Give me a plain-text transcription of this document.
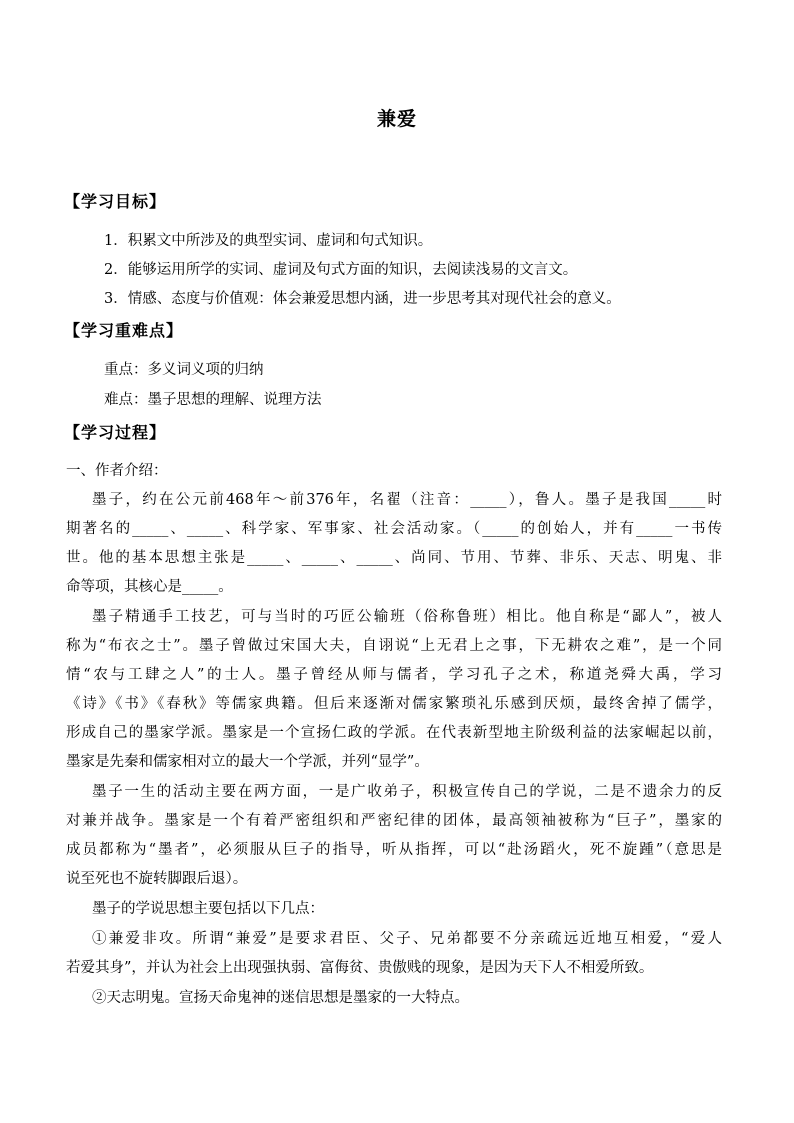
兼爱
【学习目标】
1．积累文中所涉及的典型实词、虚词和句式知识。
2．能够运用所学的实词、虚词及句式方面的知识，去阅读浅易的文言文。
3．情感、态度与价值观：体会兼爱思想内涵，进一步思考其对现代社会的意义。
【学习重难点】
重点：多义词义项的归纳
难点：墨子思想的理解、说理方法
【学习过程】
一、作者介绍：
墨子，约在公元前468年～前376年，名翟（注音：_____），鲁人。墨子是我国_____时
期著名的_____、_____、科学家、军事家、社会活动家。（_____的创始人，并有_____一书传
世。他的基本思想主张是_____、_____、_____、尚同、节用、节葬、非乐、天志、明鬼、非
命等项，其核心是_____。
墨子精通手工技艺，可与当时的巧匠公输班（俗称鲁班）相比。他自称是“鄙人”，被人
称为“布衣之士”。墨子曾做过宋国大夫，自诩说“上无君上之事，下无耕农之难”，是一个同
情“农与工肆之人”的士人。墨子曾经从师与儒者，学习孔子之术，称道尧舜大禹，学习
《诗》《书》《春秋》等儒家典籍。但后来逐渐对儒家繁琐礼乐感到厌烦，最终舍掉了儒学，
形成自己的墨家学派。墨家是一个宣扬仁政的学派。在代表新型地主阶级利益的法家崛起以前，
墨家是先秦和儒家相对立的最大一个学派，并列“显学”。
墨子一生的活动主要在两方面，一是广收弟子，积极宣传自己的学说，二是不遗余力的反
对兼并战争。墨家是一个有着严密组织和严密纪律的团体，最高领袖被称为“巨子”，墨家的
成员都称为“墨者”，必须服从巨子的指导，听从指挥，可以“赴汤蹈火，死不旋踵”（意思是
说至死也不旋转脚跟后退）。
墨子的学说思想主要包括以下几点：
①兼爱非攻。所谓“兼爱”是要求君臣、父子、兄弟都要不分亲疏远近地互相爱，“爱人
若爱其身”，并认为社会上出现强执弱、富侮贫、贵傲贱的现象，是因为天下人不相爱所致。
②天志明鬼。宣扬天命鬼神的迷信思想是墨家的一大特点。
